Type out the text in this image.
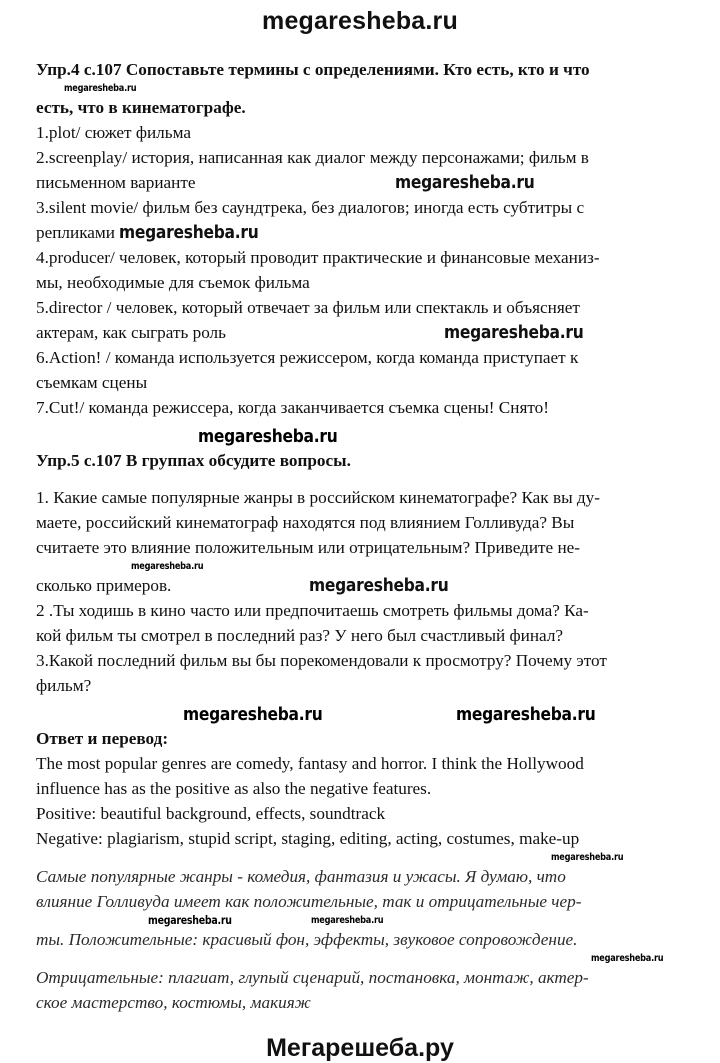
megaresheba.ru
Упр.4 с.107 Сопоставьте термины с определениями. Кто есть, кто и что
megaresheba.ru
есть, что в кинематографе.
1.plot/ сюжет фильма
2.screenplay/ история, написанная как диалог между персонажами; фильм в
письменном варианте	megaresheba.ru
3.silent movie/ фильм без саундтрека, без диалогов; иногда есть субтитры с
репликами megaresheba.ru
4.producer/ человек, который проводит практические и финансовые механиз-
мы, необходимые для съемок фильма
5.director / человек, который отвечает за фильм или спектакль и объясняет
актерам, как сыграть роль	megaresheba.ru
6.Action! / команда используется режиссером, когда команда приступает к
съемкам сцены
7.Cut!/ команда режиссера, когда заканчивается съемка сцены! Снято!
megaresheba.ru
Упр.5 с.107 В группах обсудите вопросы.
1. Какие самые популярные жанры в российском кинематографе? Как вы ду-
маете, российский кинематограф находятся под влиянием Голливуда? Вы
считаете это влияние положительным или отрицательным? Приведите не-
megaresheba.ru
сколько примеров.	megaresheba.ru
2 .Ты ходишь в кино часто или предпочитаешь смотреть фильмы дома? Ка-
кой фильм ты смотрел в последний раз? У него был счастливый финал?
3.Какой последний фильм вы бы порекомендовали к просмотру? Почему этот
фильм?
megaresheba.ru	megaresheba.ru
Ответ и перевод:
The most popular genres are comedy, fantasy and horror. I think the Hollywood
influence has as the positive as also the negative features.
Positive: beautiful background, effects, soundtrack
Negative: plagiarism, stupid script, staging, editing, acting, costumes, make-up
megaresheba.ru
Самые популярные жанры - комедия, фантазия и ужасы. Я думаю, что
влияние Голливуда имеет как положительные, так и отрицательные чер-
megaresheba.ru	megaresheba.ru
ты. Положительные: красивый фон, эффекты, звуковое сопровождение.
megaresheba.ru
Отрицательные: плагиат, глупый сценарий, постановка, монтаж, актер-
ское мастерство, костюмы, макияж
Мегарешеба.ру
